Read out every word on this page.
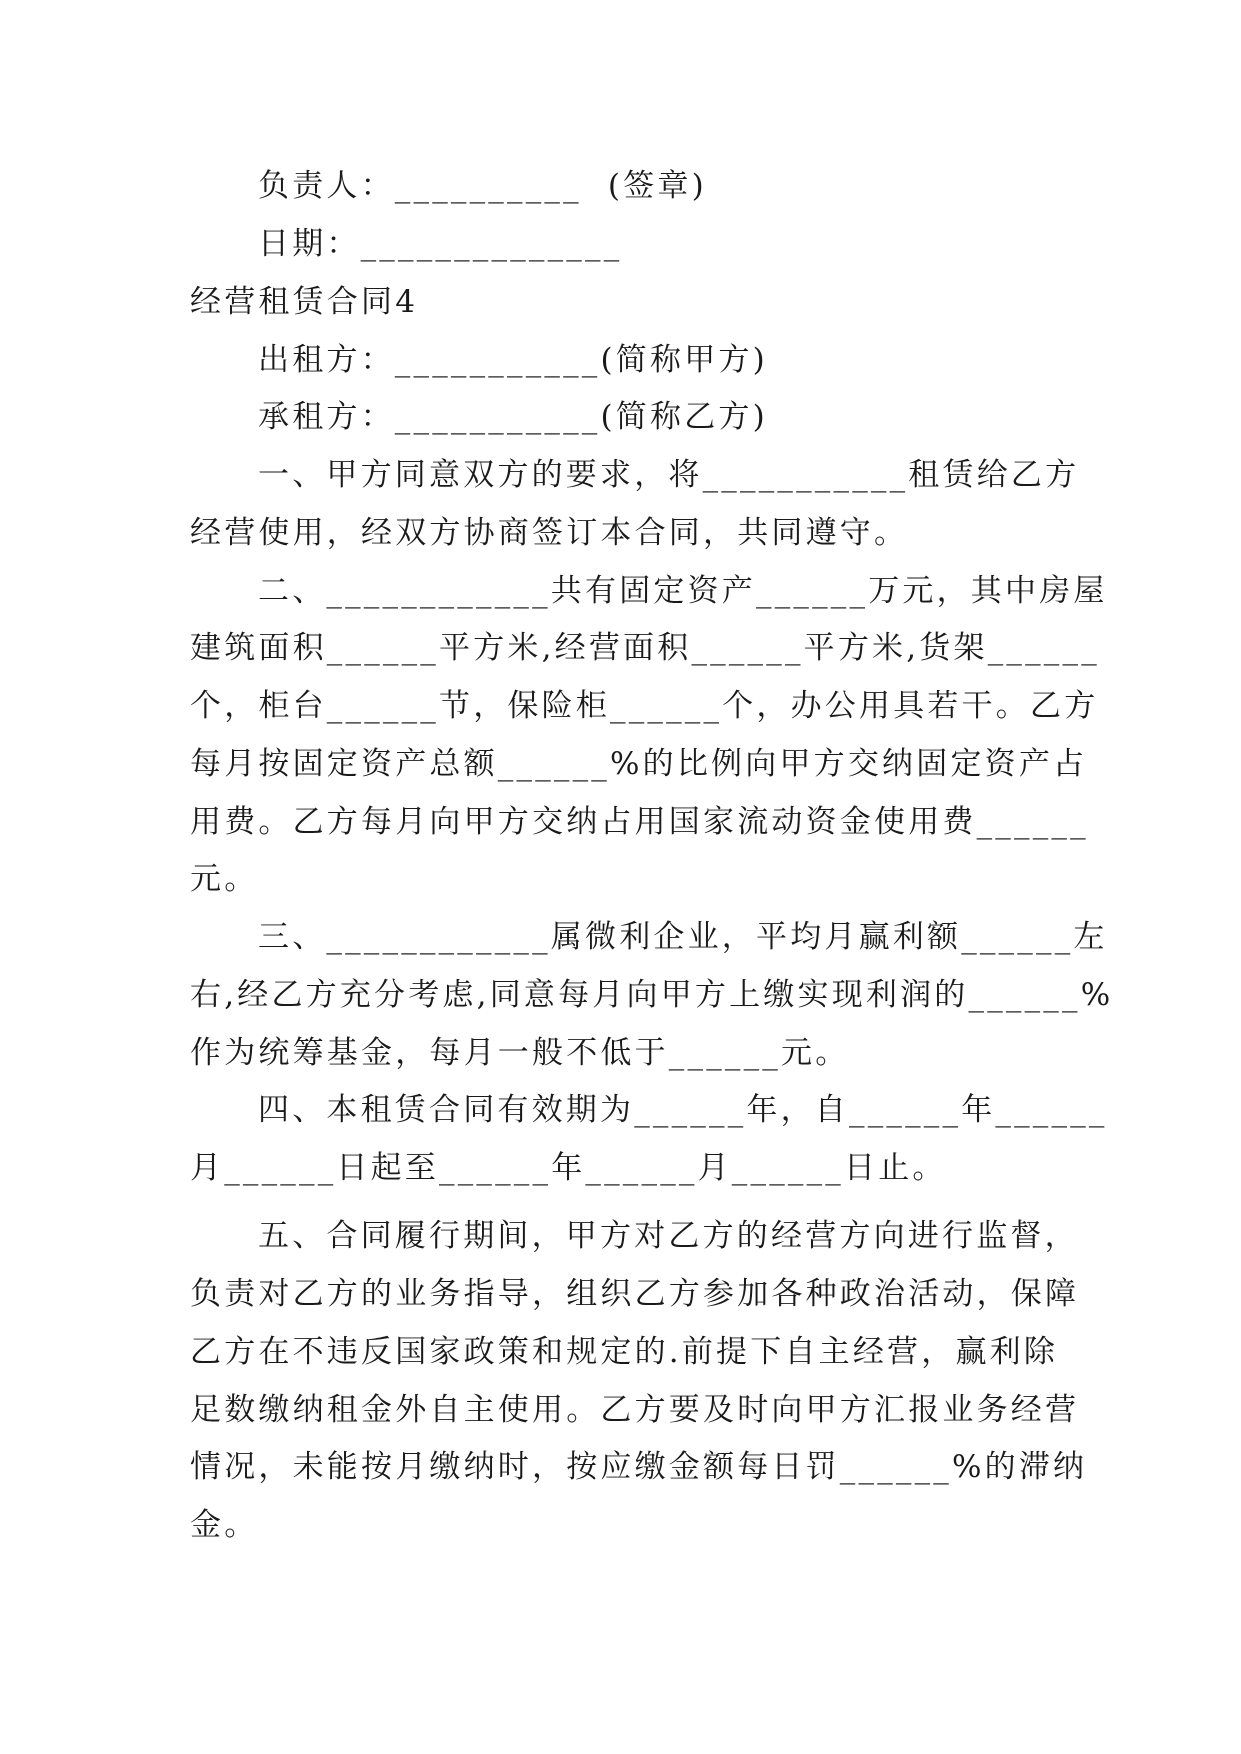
负责人：__________  (签章)
日期：______________
经营租赁合同4
出租方：___________(简称甲方)
承租方：___________(简称乙方)
一、甲方同意双方的要求，将___________租赁给乙方
经营使用，经双方协商签订本合同，共同遵守。
二、____________共有固定资产______万元，其中房屋
建筑面积______平方米,经营面积______平方米,货架______
个，柜台______节，保险柜______个，办公用具若干。乙方
每月按固定资产总额______%的比例向甲方交纳固定资产占
用费。乙方每月向甲方交纳占用国家流动资金使用费______
元。
三、____________属微利企业，平均月赢利额______左
右,经乙方充分考虑,同意每月向甲方上缴实现利润的______%
作为统筹基金，每月一般不低于______元。
四、本租赁合同有效期为______年，自______年______
月______日起至______年______月______日止。
五、合同履行期间，甲方对乙方的经营方向进行监督，
负责对乙方的业务指导，组织乙方参加各种政治活动，保障
乙方在不违反国家政策和规定的.前提下自主经营，赢利除
足数缴纳租金外自主使用。乙方要及时向甲方汇报业务经营
情况，未能按月缴纳时，按应缴金额每日罚______%的滞纳
金。
